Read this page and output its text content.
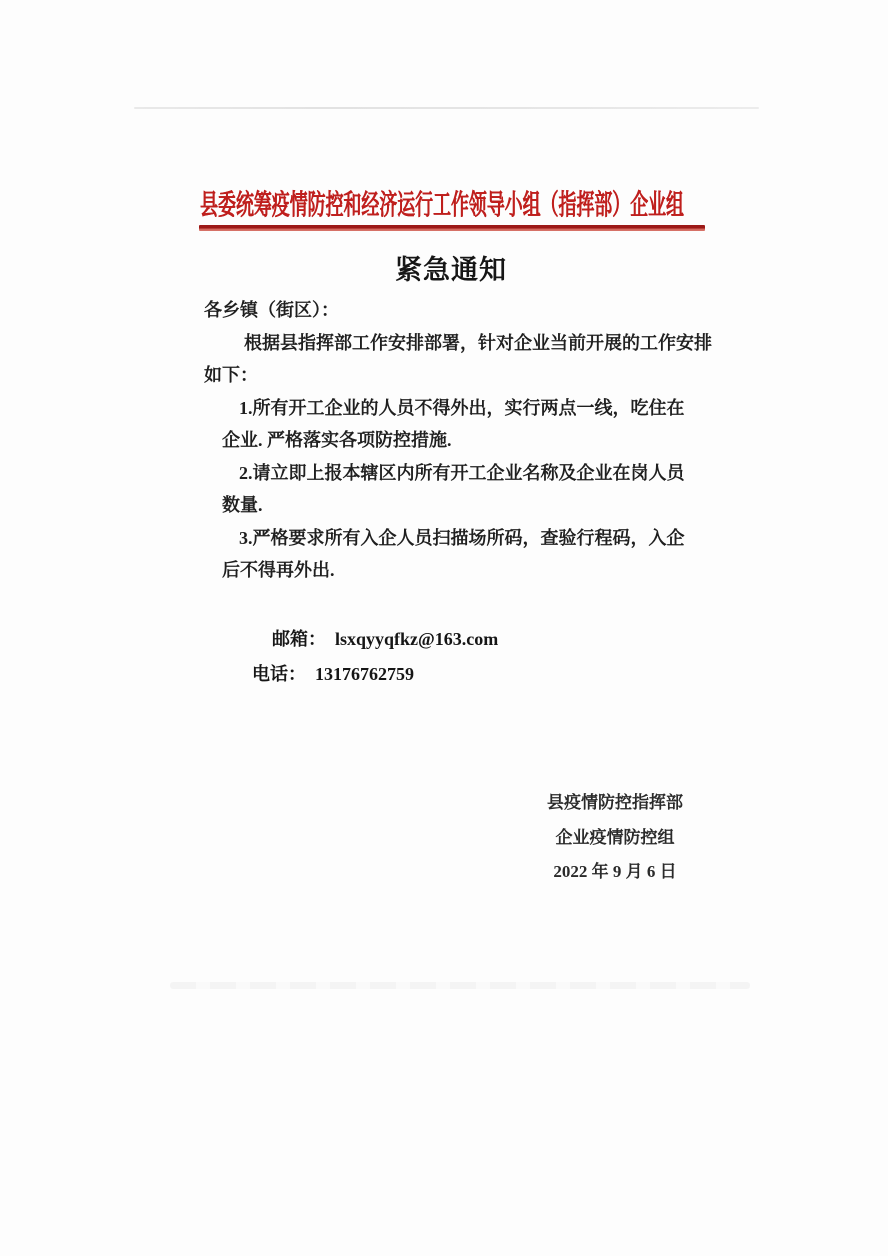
县委统筹疫情防控和经济运行工作领导小组（指挥部）企业组
紧急通知
各乡镇（街区）：
根据县指挥部工作安排部署，针对企业当前开展的工作安排
如下：
1.所有开工企业的人员不得外出，实行两点一线，吃住在
企业. 严格落实各项防控措施.
2.请立即上报本辖区内所有开工企业名称及企业在岗人员
数量.
3.严格要求所有入企人员扫描场所码，查验行程码，入企
后不得再外出.
邮箱： lsxqyyqfkz@163.com
电话： 13176762759
县疫情防控指挥部
企业疫情防控组
2022 年 9 月 6 日
